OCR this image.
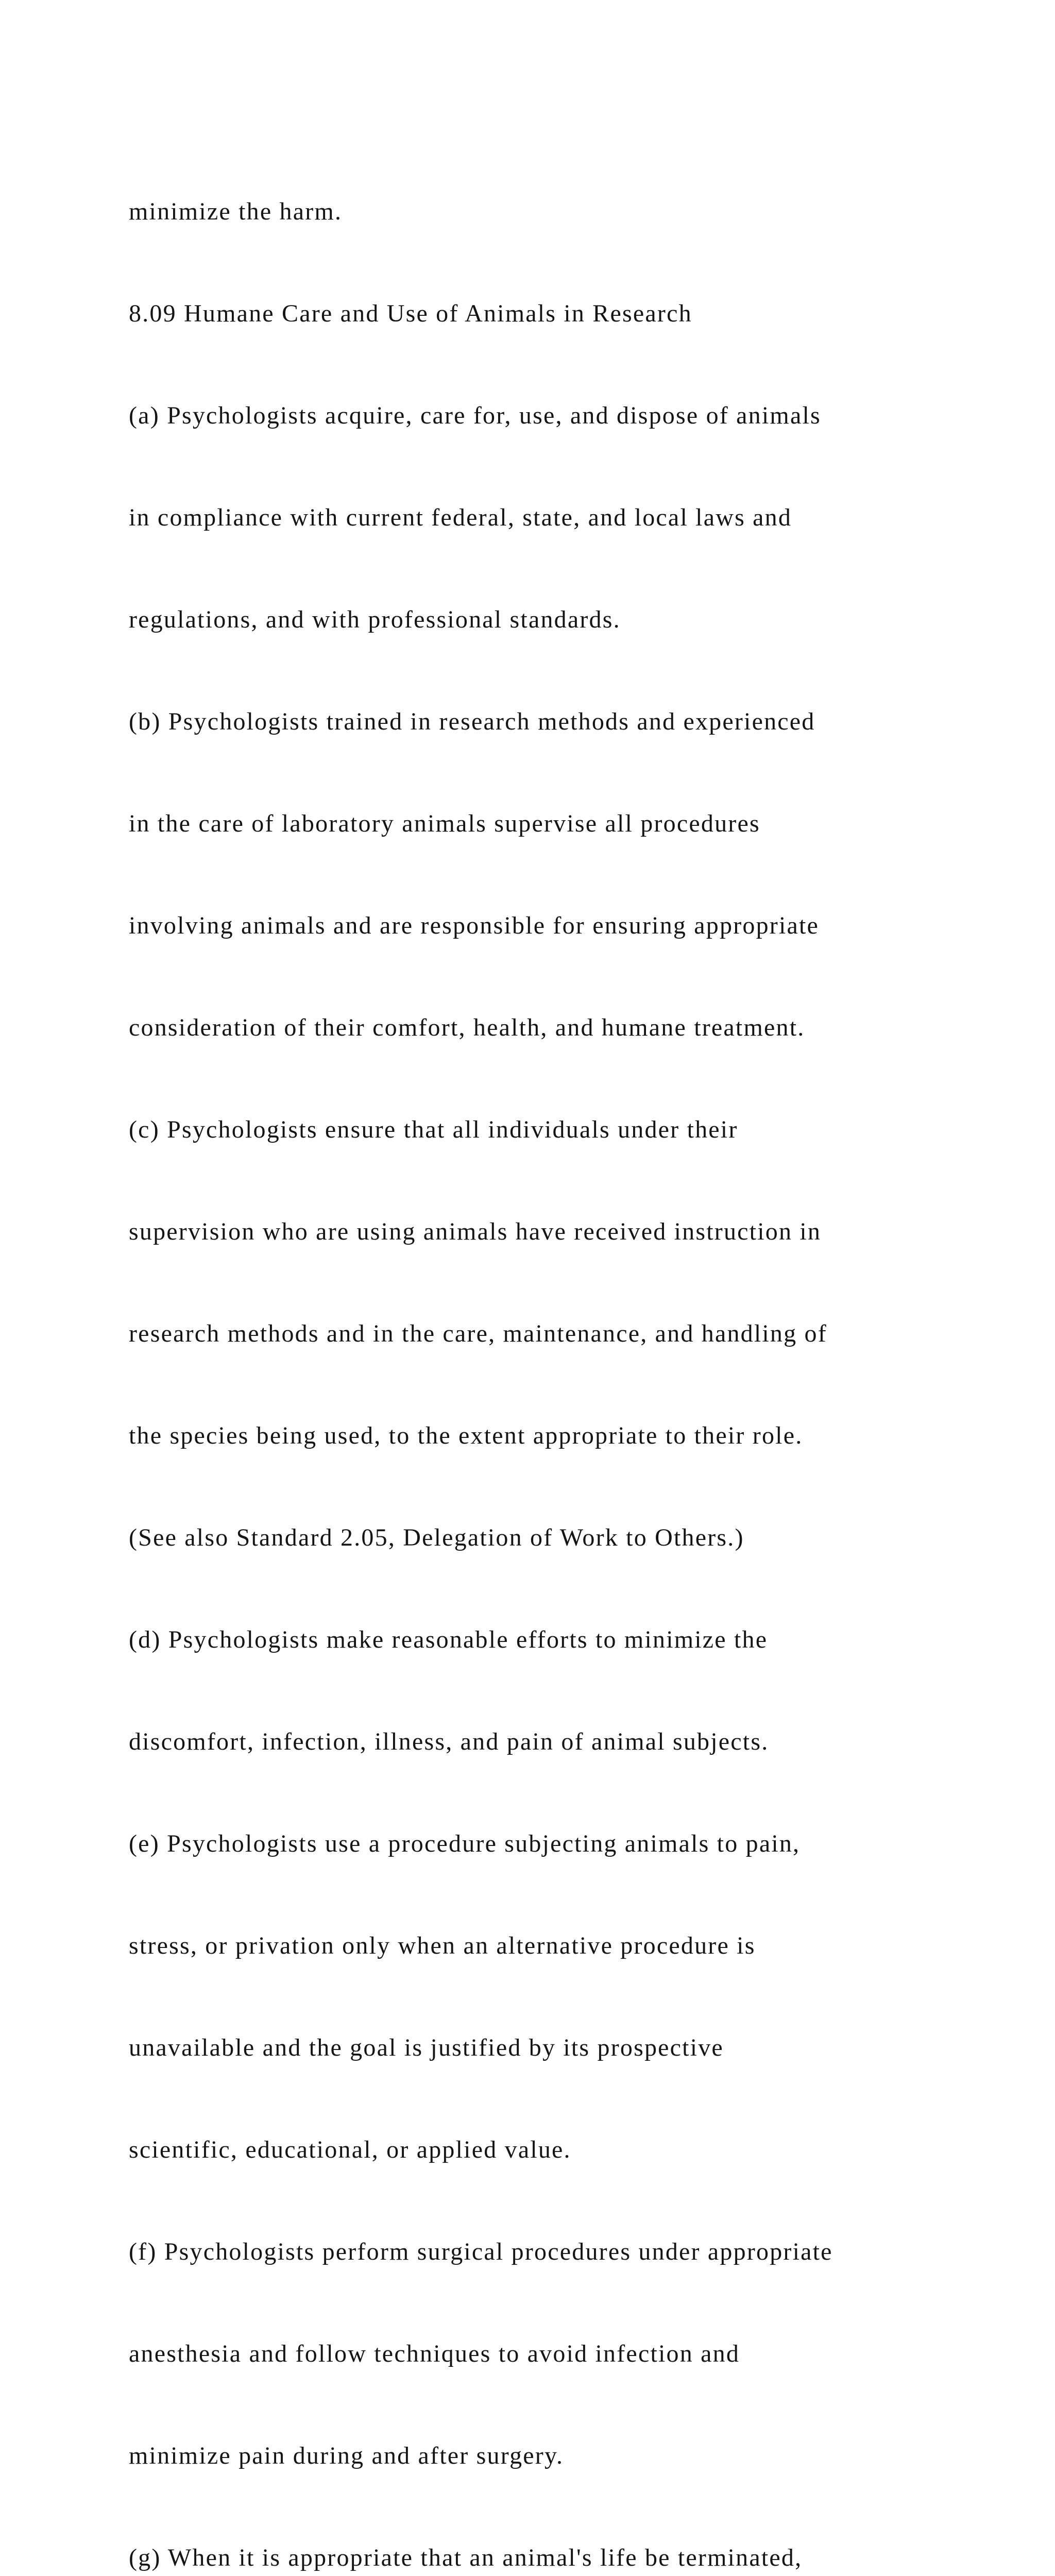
minimize the harm.

8.09 Humane Care and Use of Animals in Research

(a) Psychologists acquire, care for, use, and dispose of animals

in compliance with current federal, state, and local laws and

regulations, and with professional standards.

(b) Psychologists trained in research methods and experienced

in the care of laboratory animals supervise all procedures

involving animals and are responsible for ensuring appropriate

consideration of their comfort, health, and humane treatment.

(c) Psychologists ensure that all individuals under their

supervision who are using animals have received instruction in

research methods and in the care, maintenance, and handling of

the species being used, to the extent appropriate to their role.

(See also Standard 2.05, Delegation of Work to Others.)

(d) Psychologists make reasonable efforts to minimize the

discomfort, infection, illness, and pain of animal subjects.

(e) Psychologists use a procedure subjecting animals to pain,

stress, or privation only when an alternative procedure is

unavailable and the goal is justified by its prospective

scientific, educational, or applied value.

(f) Psychologists perform surgical procedures under appropriate

anesthesia and follow techniques to avoid infection and

minimize pain during and after surgery.

(g) When it is appropriate that an animal's life be terminated,
